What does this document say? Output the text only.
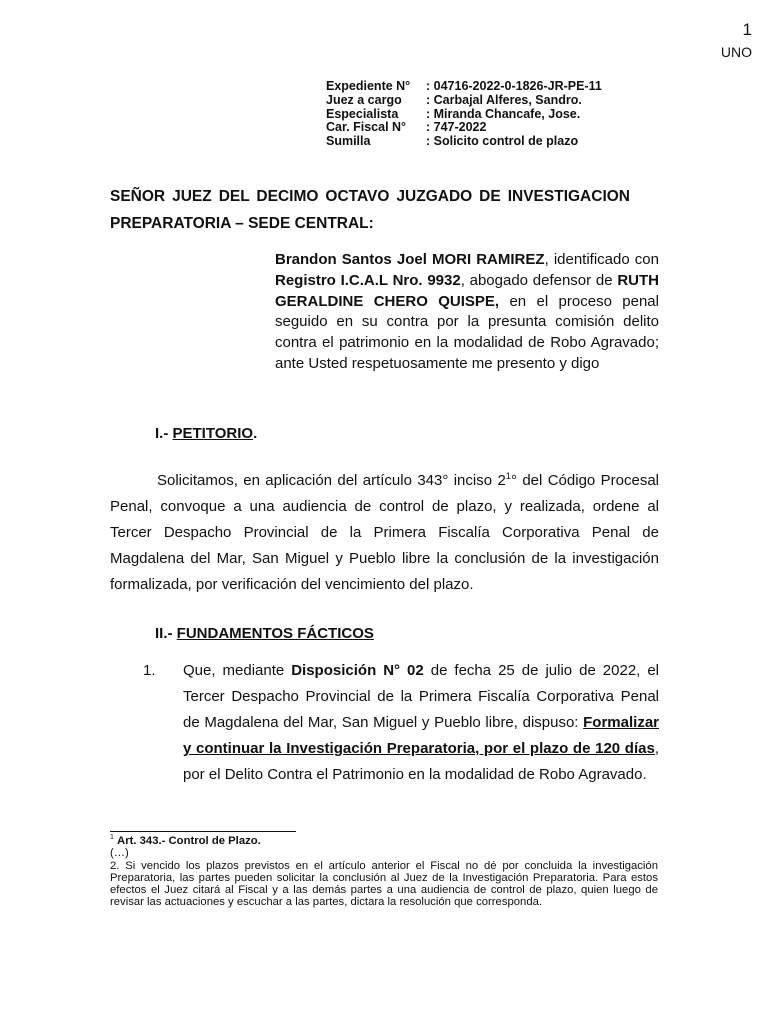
1
UNO
Expediente N°	: 04716-2022-0-1826-JR-PE-11
Juez a cargo	: Carbajal Alferes, Sandro.
Especialista	: Miranda Chancafe, Jose.
Car. Fiscal N°	: 747-2022
Sumilla	: Solicito control de plazo
SEÑOR JUEZ DEL DECIMO OCTAVO JUZGADO DE INVESTIGACION PREPARATORIA – SEDE CENTRAL:
Brandon Santos Joel MORI RAMIREZ, identificado con Registro I.C.A.L Nro. 9932, abogado defensor de RUTH GERALDINE CHERO QUISPE, en el proceso penal seguido en su contra por la presunta comisión delito contra el patrimonio en la modalidad de Robo Agravado; ante Usted respetuosamente me presento y digo
I.- PETITORIO.
Solicitamos, en aplicación del artículo 343° inciso $2^1^\circ$ del Código Procesal Penal, convoque a una audiencia de control de plazo, y realizada, ordene al Tercer Despacho Provincial de la Primera Fiscalía Corporativa Penal de Magdalena del Mar, San Miguel y Pueblo libre la conclusión de la investigación formalizada, por verificación del vencimiento del plazo.
II.- FUNDAMENTOS FÁCTICOS
1. Que, mediante Disposición N° 02 de fecha 25 de julio de 2022, el Tercer Despacho Provincial de la Primera Fiscalía Corporativa Penal de Magdalena del Mar, San Miguel y Pueblo libre, dispuso: Formalizar y continuar la Investigación Preparatoria, por el plazo de 120 días, por el Delito Contra el Patrimonio en la modalidad de Robo Agravado.
$^1$ Art. 343.- Control de Plazo.
(…)
2. Si vencido los plazos previstos en el artículo anterior el Fiscal no dé por concluida la investigación Preparatoria, las partes pueden solicitar la conclusión al Juez de la Investigación Preparatoria. Para estos efectos el Juez citará al Fiscal y a las demás partes a una audiencia de control de plazo, quien luego de revisar las actuaciones y escuchar a las partes, dictara la resolución que corresponda.
